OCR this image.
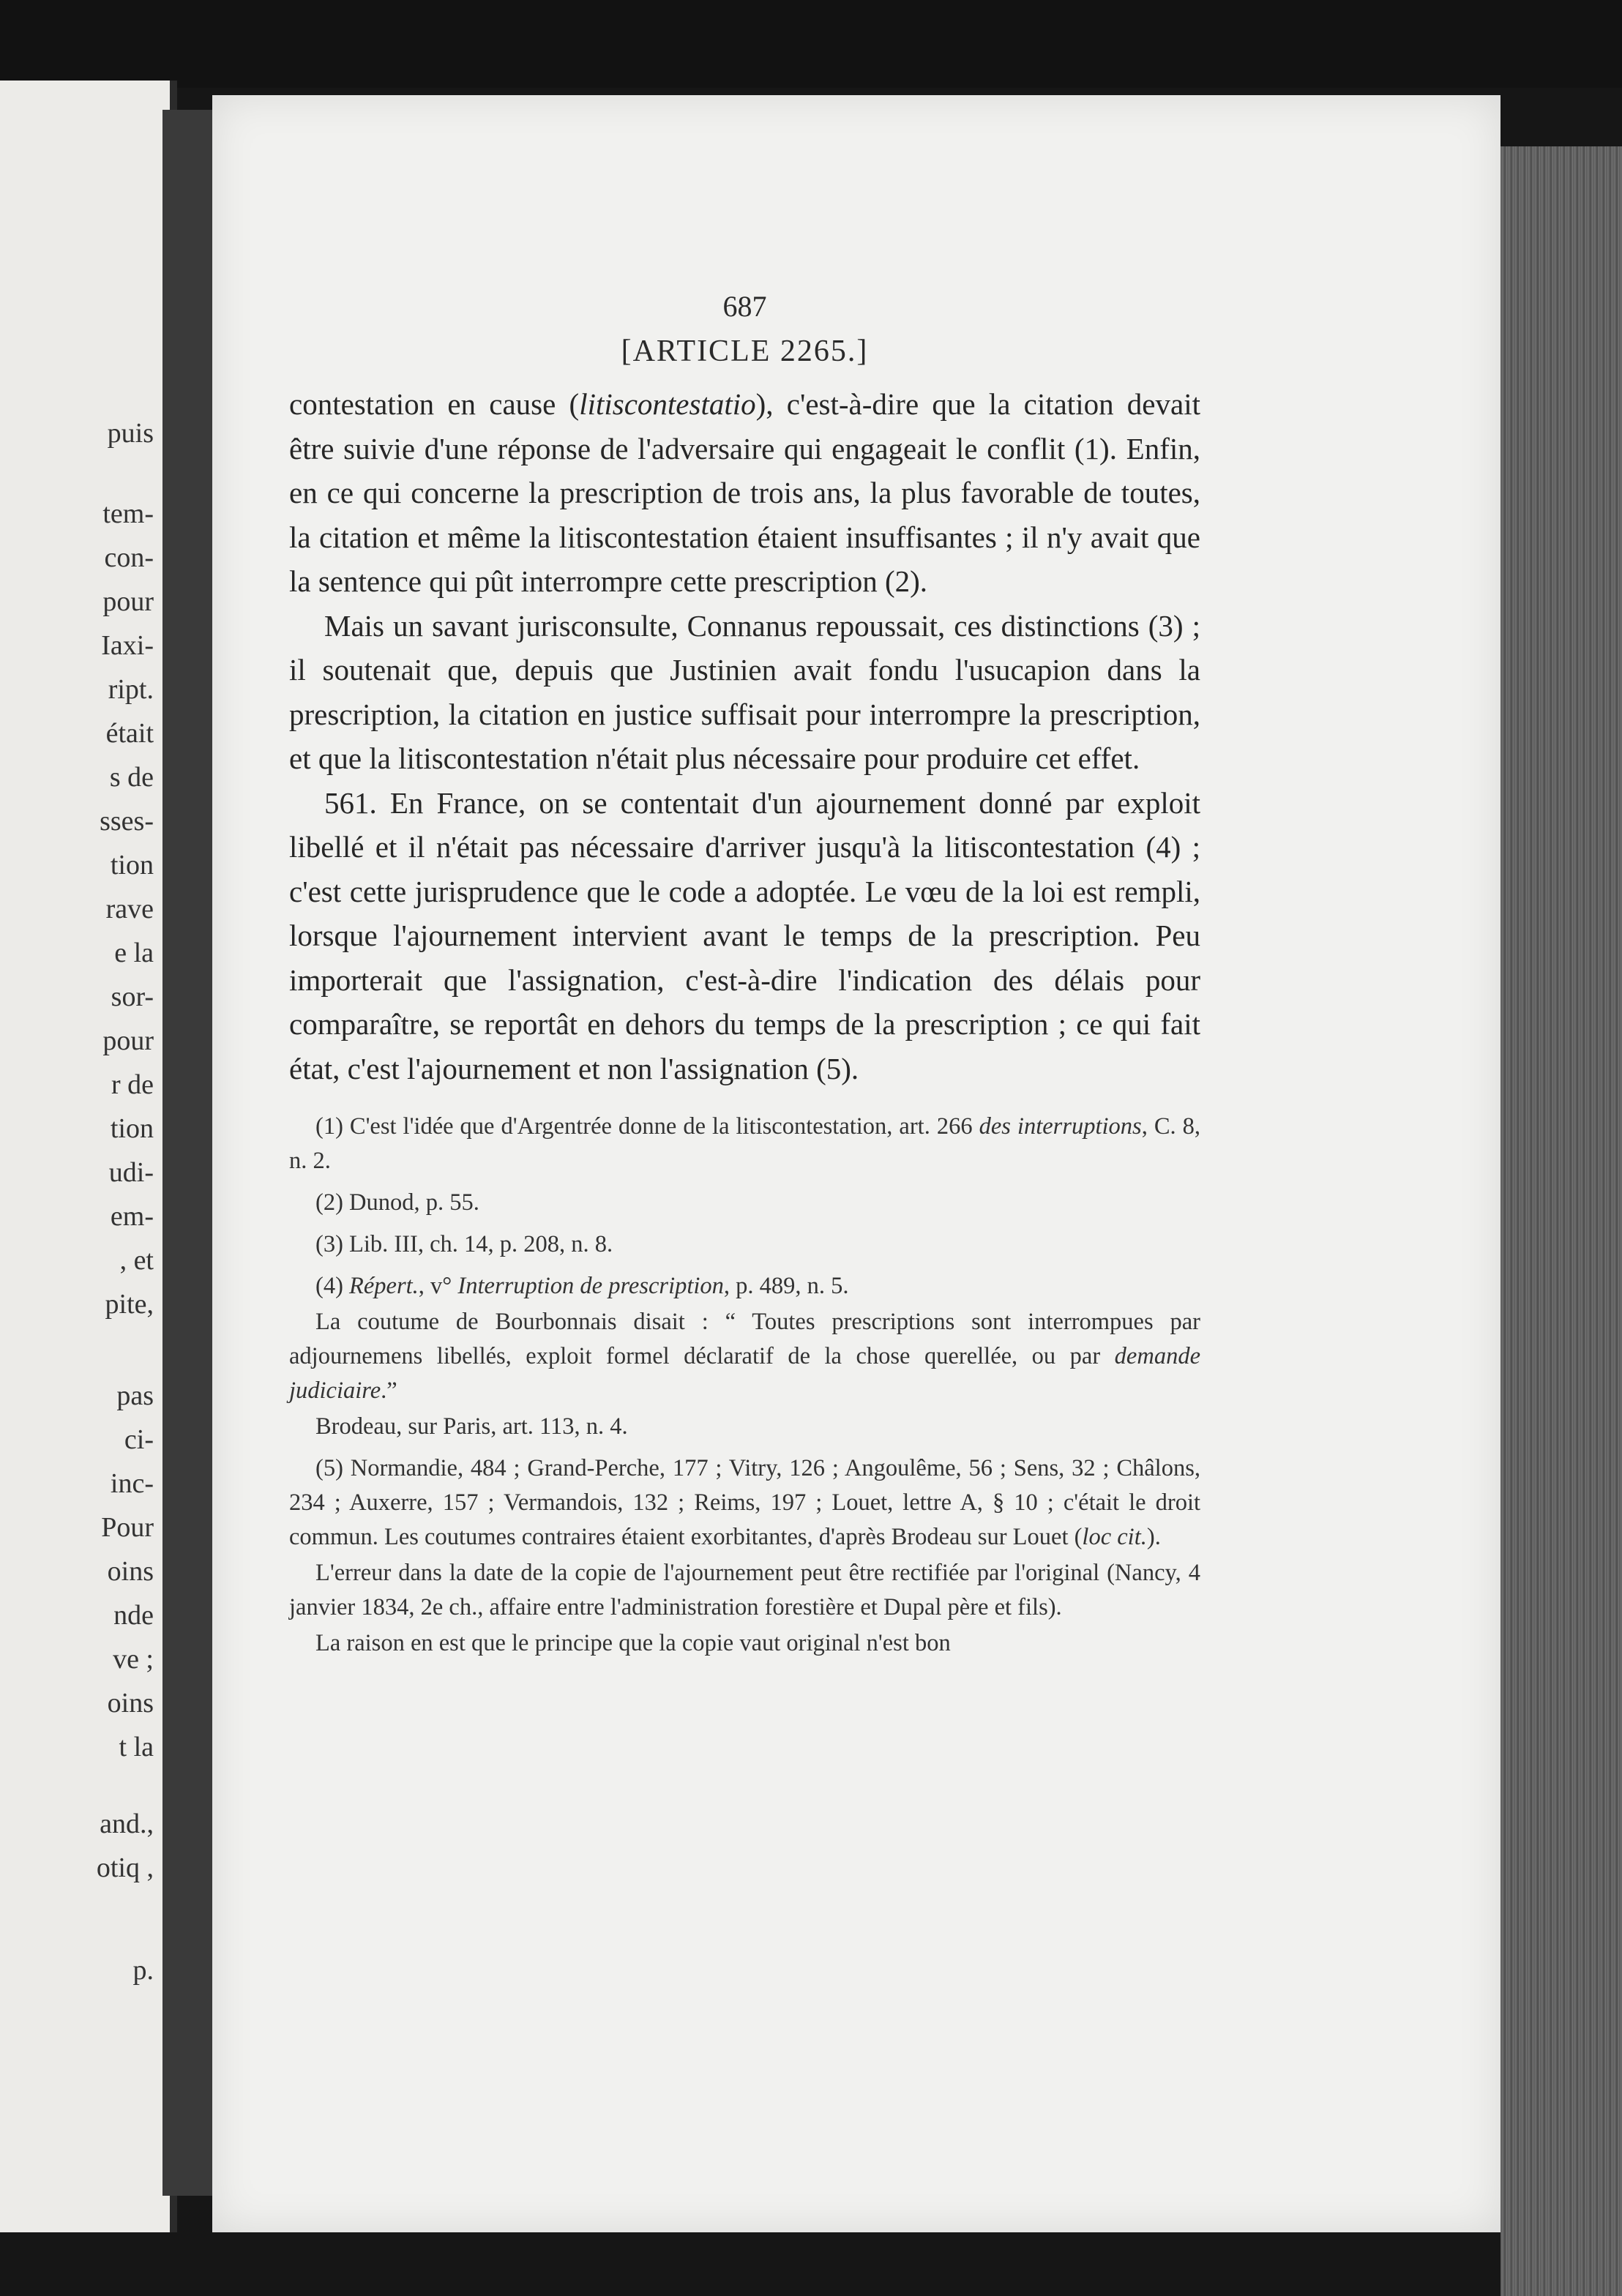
puis
tem-
con-
pour
Iaxi-
ript.
était
s de
sses-
tion
rave
e la
sor-
pour
r de
tion
udi-
em-
, et
pite,
pas
ci-
inc-
Pour
oins
nde
ve ;
oins
t la
and.,
otiq ,
p.
687
[ARTICLE 2265.]

contestation en cause (litiscontestatio), c'est-à-dire que la citation devait être suivie d'une réponse de l'adversaire qui engageait le conflit (1). Enfin, en ce qui concerne la prescription de trois ans, la plus favorable de toutes, la citation et même la litiscontestation étaient insuffisantes ; il n'y avait que la sentence qui pût interrompre cette prescription (2).

Mais un savant jurisconsulte, Connanus repoussait, ces distinctions (3) ; il soutenait que, depuis que Justinien avait fondu l'usucapion dans la prescription, la citation en justice suffisait pour interrompre la prescription, et que la litiscontestation n'était plus nécessaire pour produire cet effet.

561. En France, on se contentait d'un ajournement donné par exploit libellé et il n'était pas nécessaire d'arriver jusqu'à la litiscontestation (4) ; c'est cette jurisprudence que le code a adoptée. Le vœu de la loi est rempli, lorsque l'ajournement intervient avant le temps de la prescription. Peu importerait que l'assignation, c'est-à-dire l'indication des délais pour comparaître, se reportât en dehors du temps de la prescription ; ce qui fait état, c'est l'ajournement et non l'assignation (5).

(1) C'est l'idée que d'Argentrée donne de la litiscontestation, art. 266 des interruptions, C. 8, n. 2.

(2) Dunod, p. 55.

(3) Lib. III, ch. 14, p. 208, n. 8.

(4) Répert., v° Interruption de prescription, p. 489, n. 5.

La coutume de Bourbonnais disait : “ Toutes prescriptions sont interrompues par adjournemens libellés, exploit formel déclaratif de la chose querellée, ou par demande judiciaire.”

Brodeau, sur Paris, art. 113, n. 4.

(5) Normandie, 484 ; Grand-Perche, 177 ; Vitry, 126 ; Angoulême, 56 ; Sens, 32 ; Châlons, 234 ; Auxerre, 157 ; Vermandois, 132 ; Reims, 197 ; Louet, lettre A, § 10 ; c'était le droit commun. Les coutumes contraires étaient exorbitantes, d'après Brodeau sur Louet (loc cit.).

L'erreur dans la date de la copie de l'ajournement peut être rectifiée par l'original (Nancy, 4 janvier 1834, 2e ch., affaire entre l'administration forestière et Dupal père et fils).

La raison en est que le principe que la copie vaut original n'est bon
